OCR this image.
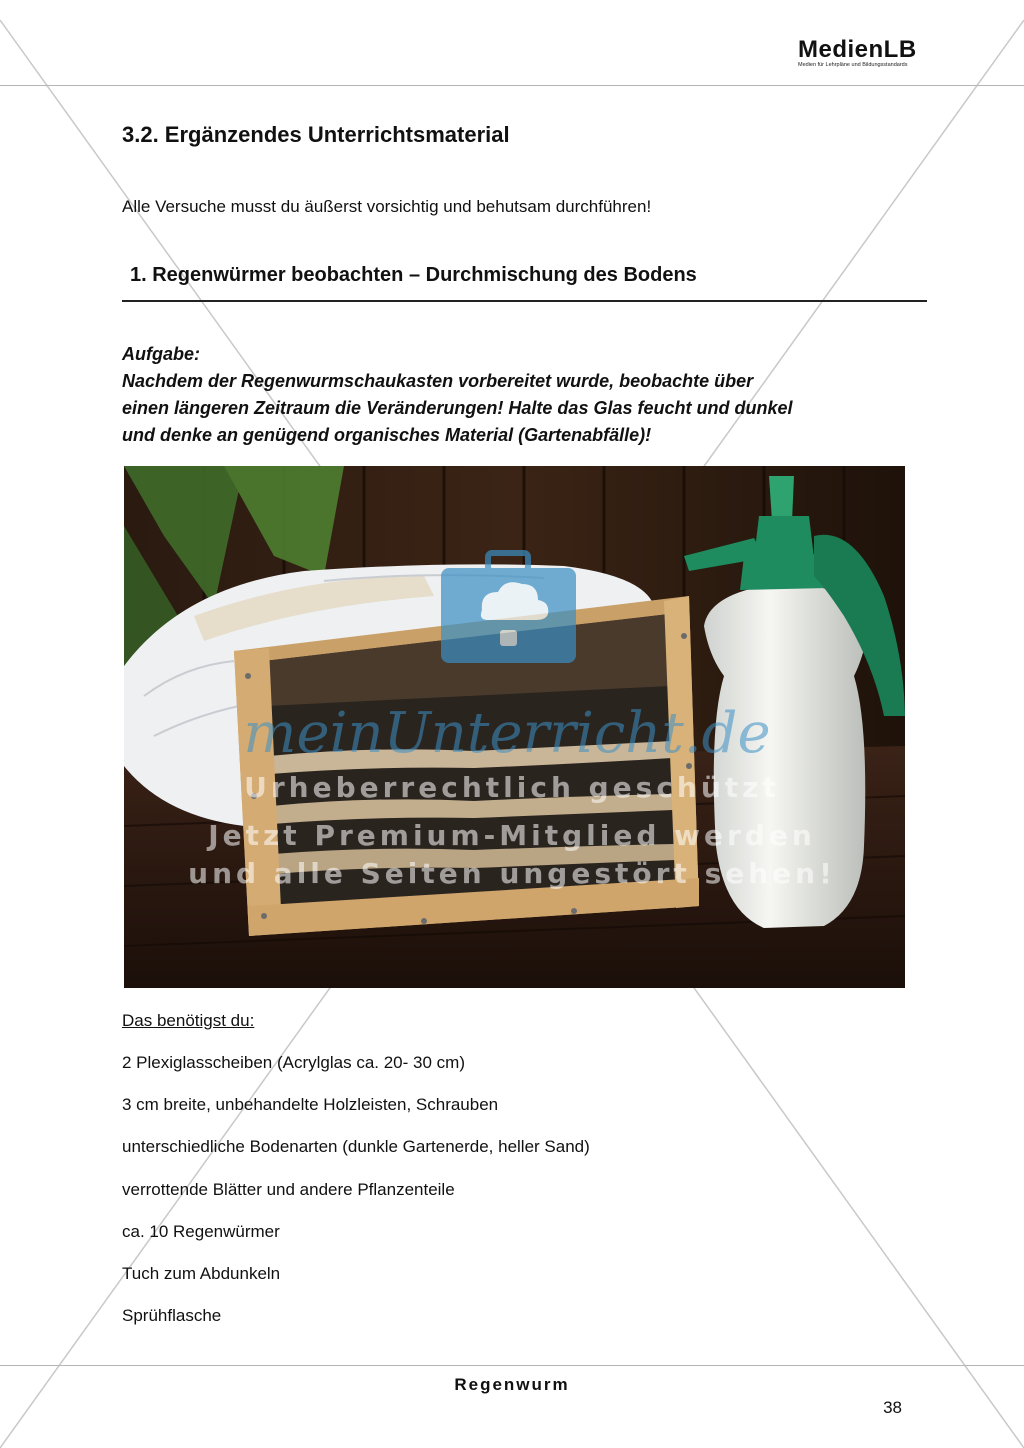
MedienLB
Medien für Lehrpläne und Bildungsstandards
3.2. Ergänzendes Unterrichtsmaterial
Alle Versuche musst du äußerst vorsichtig und behutsam durchführen!
1. Regenwürmer beobachten – Durchmischung des Bodens
Aufgabe:
Nachdem der Regenwurmschaukasten vorbereitet wurde, beobachte über
einen längeren Zeitraum die Veränderungen! Halte das Glas feucht und dunkel
und denke an genügend organisches Material (Gartenabfälle)!
meinUnterricht.de
Urheberrechtlich geschützt
Jetzt Premium-Mitglied werden
und alle Seiten ungestört sehen!
Das benötigst du:
2 Plexiglasscheiben (Acrylglas ca. 20- 30 cm)
3 cm breite, unbehandelte Holzleisten, Schrauben
unterschiedliche Bodenarten (dunkle Gartenerde, heller Sand)
verrottende Blätter und andere Pflanzenteile
ca. 10 Regenwürmer
Tuch zum Abdunkeln
Sprühflasche
Regenwurm
38
